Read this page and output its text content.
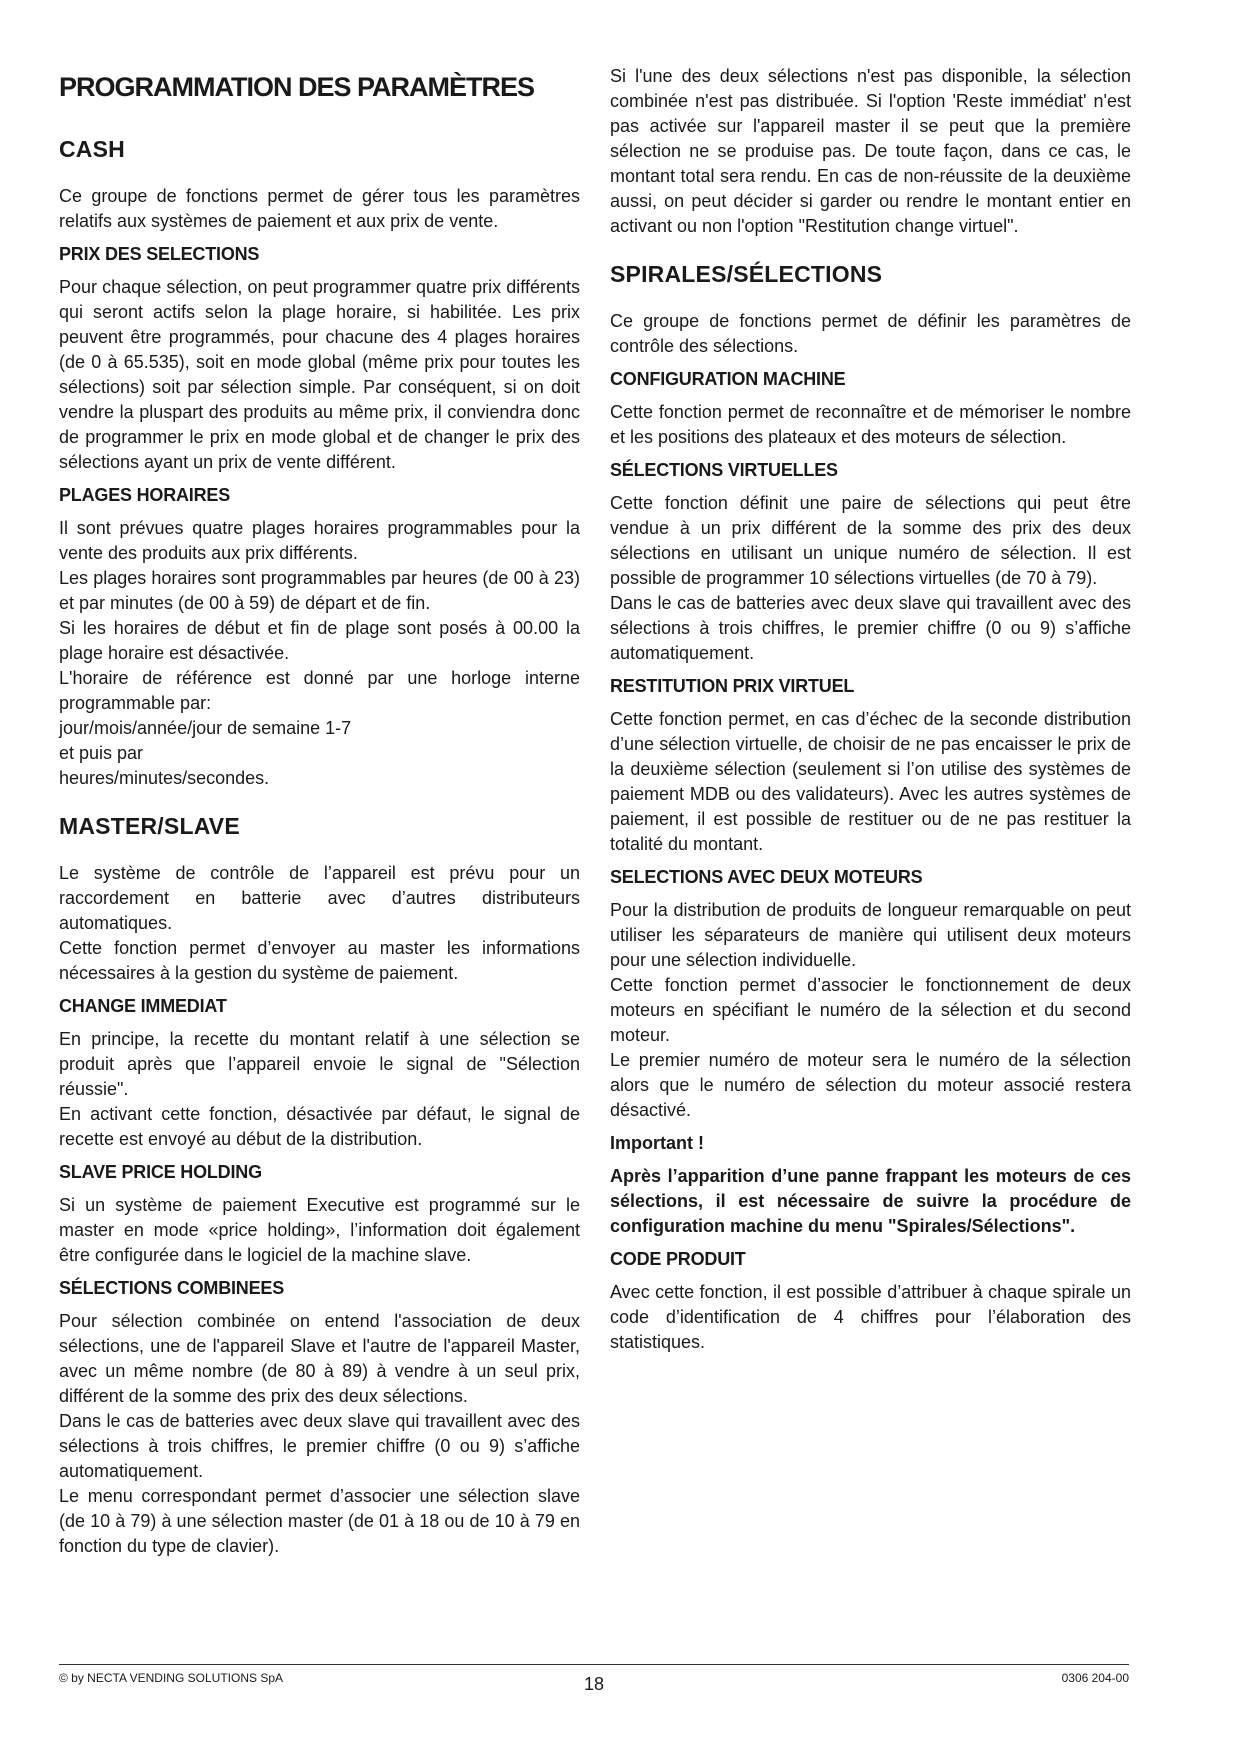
PROGRAMMATION DES PARAMÈTRES
CASH

Ce groupe de fonctions permet de gérer tous les paramètres relatifs aux systèmes de paiement et aux prix de vente.

PRIX DES SELECTIONS

Pour chaque sélection, on peut programmer quatre prix différents qui seront actifs selon la plage horaire, si habilitée. Les prix peuvent être programmés, pour chacune des 4 plages horaires (de 0 à 65.535), soit en mode global (même prix pour toutes les sélections) soit par sélection simple. Par conséquent, si on doit vendre la pluspart des produits au même prix, il conviendra donc de programmer le prix en mode global et de changer le prix des sélections ayant un prix de vente différent.

PLAGES HORAIRES

Il sont prévues quatre plages horaires programmables pour la vente des produits aux prix différents.

Les plages horaires sont programmables par heures (de 00 à 23) et par minutes (de 00 à 59) de départ et de fin.

Si les horaires de début et fin de plage sont posés à 00.00 la plage horaire est désactivée.

L'horaire de référence est donné par une horloge interne programmable par:

jour/mois/année/jour de semaine 1-7

et puis par

heures/minutes/secondes.

MASTER/SLAVE

Le système de contrôle de l’appareil est prévu pour un raccordement en batterie avec d’autres distributeurs automatiques.

Cette fonction permet d’envoyer au master les informations nécessaires à la gestion du système de paiement.

CHANGE IMMEDIAT

En principe, la recette du montant relatif à une sélection se produit après que l’appareil envoie le signal de "Sélection réussie".

En activant cette fonction, désactivée par défaut, le signal de recette est envoyé au début de la distribution.

SLAVE PRICE HOLDING

Si un système de paiement Executive est programmé sur le master en mode «price holding», l’information doit également être configurée dans le logiciel de la machine slave.

SÉLECTIONS COMBINEES

Pour sélection combinée on entend l'association de deux sélections, une de l'appareil Slave et l'autre de l'appareil Master, avec un même nombre (de 80 à 89) à vendre à un seul prix, différent de la somme des prix des deux sélections.

Dans le cas de batteries avec deux slave qui travaillent avec des sélections à trois chiffres, le premier chiffre (0 ou 9) s’affiche automatiquement.

Le menu correspondant permet d’associer une sélection slave (de 10 à 79) à une sélection master (de 01 à 18 ou de 10 à 79 en fonction du type de clavier).

Si l'une des deux sélections n'est pas disponible, la sélection combinée n'est pas distribuée. Si l'option 'Reste immédiat' n'est pas activée sur l'appareil master il se peut que la première sélection ne se produise pas. De toute façon, dans ce cas, le montant total sera rendu. En cas de non-réussite de la deuxième aussi, on peut décider si garder ou rendre le montant entier en activant ou non l'option "Restitution change virtuel".

SPIRALES/SÉLECTIONS

Ce groupe de fonctions permet de définir les paramètres de contrôle des sélections.

CONFIGURATION MACHINE

Cette fonction permet de reconnaître et de mémoriser le nombre et les positions des plateaux et des moteurs de sélection.

SÉLECTIONS VIRTUELLES

Cette fonction définit une paire de sélections qui peut être vendue à un prix différent de la somme des prix des deux sélections en utilisant un unique numéro de sélection. Il est possible de programmer 10 sélections virtuelles (de 70 à 79).

Dans le cas de batteries avec deux slave qui travaillent avec des sélections à trois chiffres, le premier chiffre (0 ou 9) s’affiche automatiquement.

RESTITUTION PRIX VIRTUEL

Cette fonction permet, en cas d’échec de la seconde distribution d’une sélection virtuelle, de choisir de ne pas encaisser le prix de la deuxième sélection (seulement si l’on utilise des systèmes de paiement MDB ou des validateurs). Avec les autres systèmes de paiement, il est possible de restituer ou de ne pas restituer la totalité du montant.

SELECTIONS AVEC DEUX MOTEURS

Pour la distribution de produits de longueur remarquable on peut utiliser les séparateurs de manière qui utilisent deux moteurs pour une sélection individuelle.

Cette fonction permet d’associer le fonctionnement de deux moteurs en spécifiant le numéro de la sélection et du second moteur.

Le premier numéro de moteur sera le numéro de la sélection alors que le numéro de sélection du moteur associé restera désactivé.

Important !

Après l’apparition d’une panne frappant les moteurs de ces sélections, il est nécessaire de suivre la procédure de configuration machine du menu "Spirales/Sélections".

CODE PRODUIT

Avec cette fonction, il est possible d’attribuer à chaque spirale un code d’identification de 4 chiffres pour l’élaboration des statistiques.

© by NECTA VENDING SOLUTIONS SpA	18	0306 204-00
